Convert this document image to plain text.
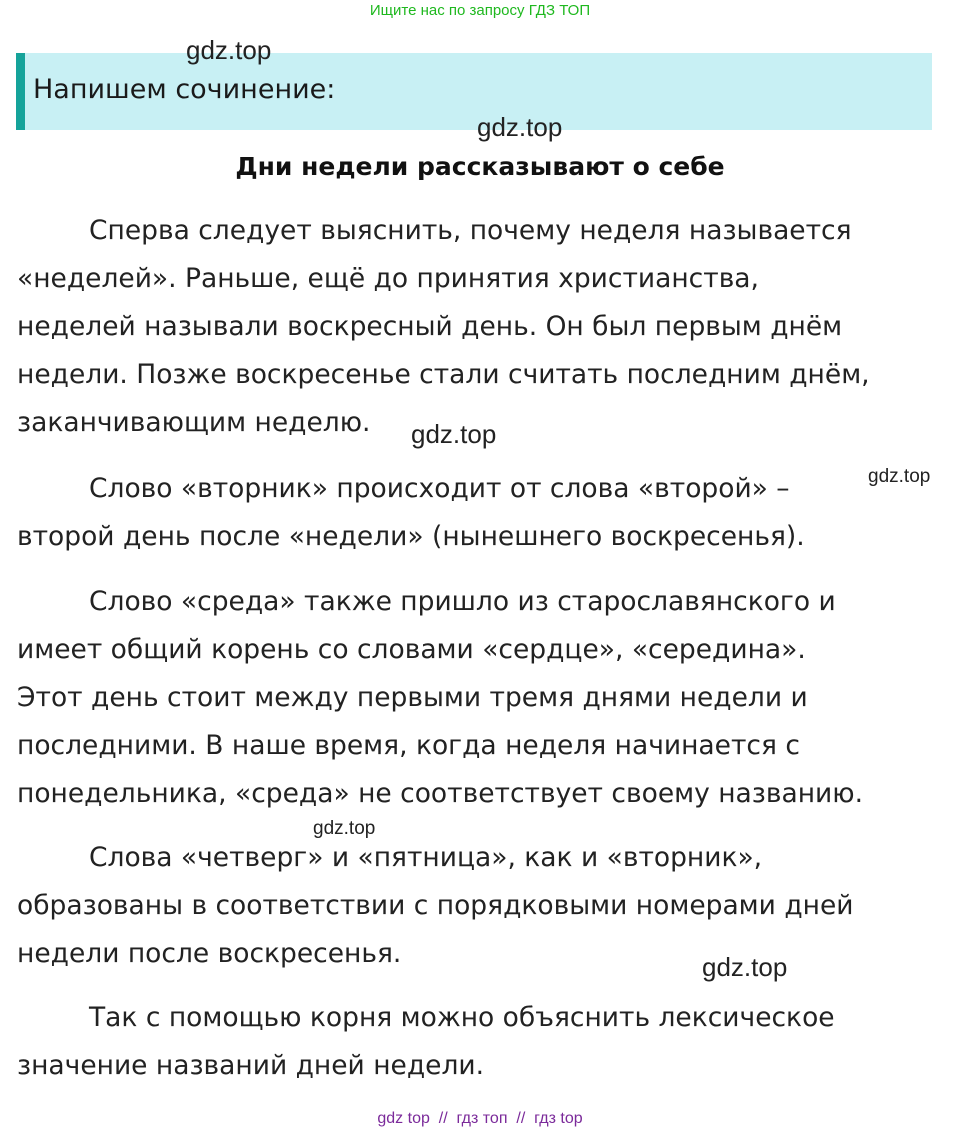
Ищите нас по запросу ГДЗ ТОП
Напишем сочинение:
Дни недели рассказывают о себе

Сперва следует выяснить, почему неделя называется
«неделей». Раньше, ещё до принятия христианства,
неделей называли воскресный день. Он был первым днём
недели. Позже воскресенье стали считать последним днём,
заканчивающим неделю.

Слово «вторник» происходит от слова «второй» –
второй день после «недели» (нынешнего воскресенья).

Слово «среда» также пришло из старославянского и
имеет общий корень со словами «сердце», «середина».
Этот день стоит между первыми тремя днями недели и
последними. В наше время, когда неделя начинается с
понедельника, «среда» не соответствует своему названию.

Слова «четверг» и «пятница», как и «вторник»,
образованы в соответствии с порядковыми номерами дней
недели после воскресенья.

Так с помощью корня можно объяснить лексическое
значение названий дней недели.

gdz.top
gdz.top
gdz.top
gdz.top
gdz.top
gdz.top
gdz top  //  гдз топ  //  гдз top
